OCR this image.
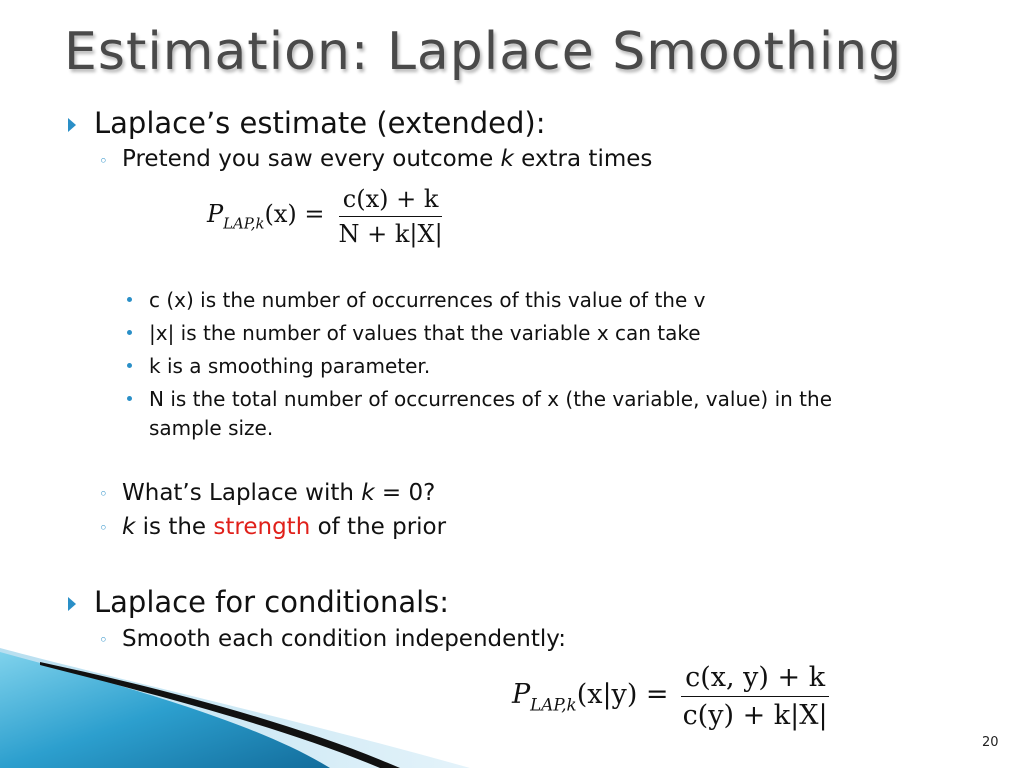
Estimation: Laplace Smoothing
Laplace’s estimate (extended):
◦ Pretend you saw every outcome k extra times
$P_{LAP,k}(x) = \frac{c(x) + k}{N + k|X|}$
c (x) is the number of occurrences of this value of the v
|x| is the number of values that the variable x can take
k is a smoothing parameter.
N is the total number of occurrences of x (the variable, value) in the sample size.
◦ What’s Laplace with k = 0?
◦ k is the strength of the prior
Laplace for conditionals:
◦ Smooth each condition independently:
$P_{LAP,k}(x|y) = \frac{c(x, y) + k}{c(y) + k|X|}$
20
